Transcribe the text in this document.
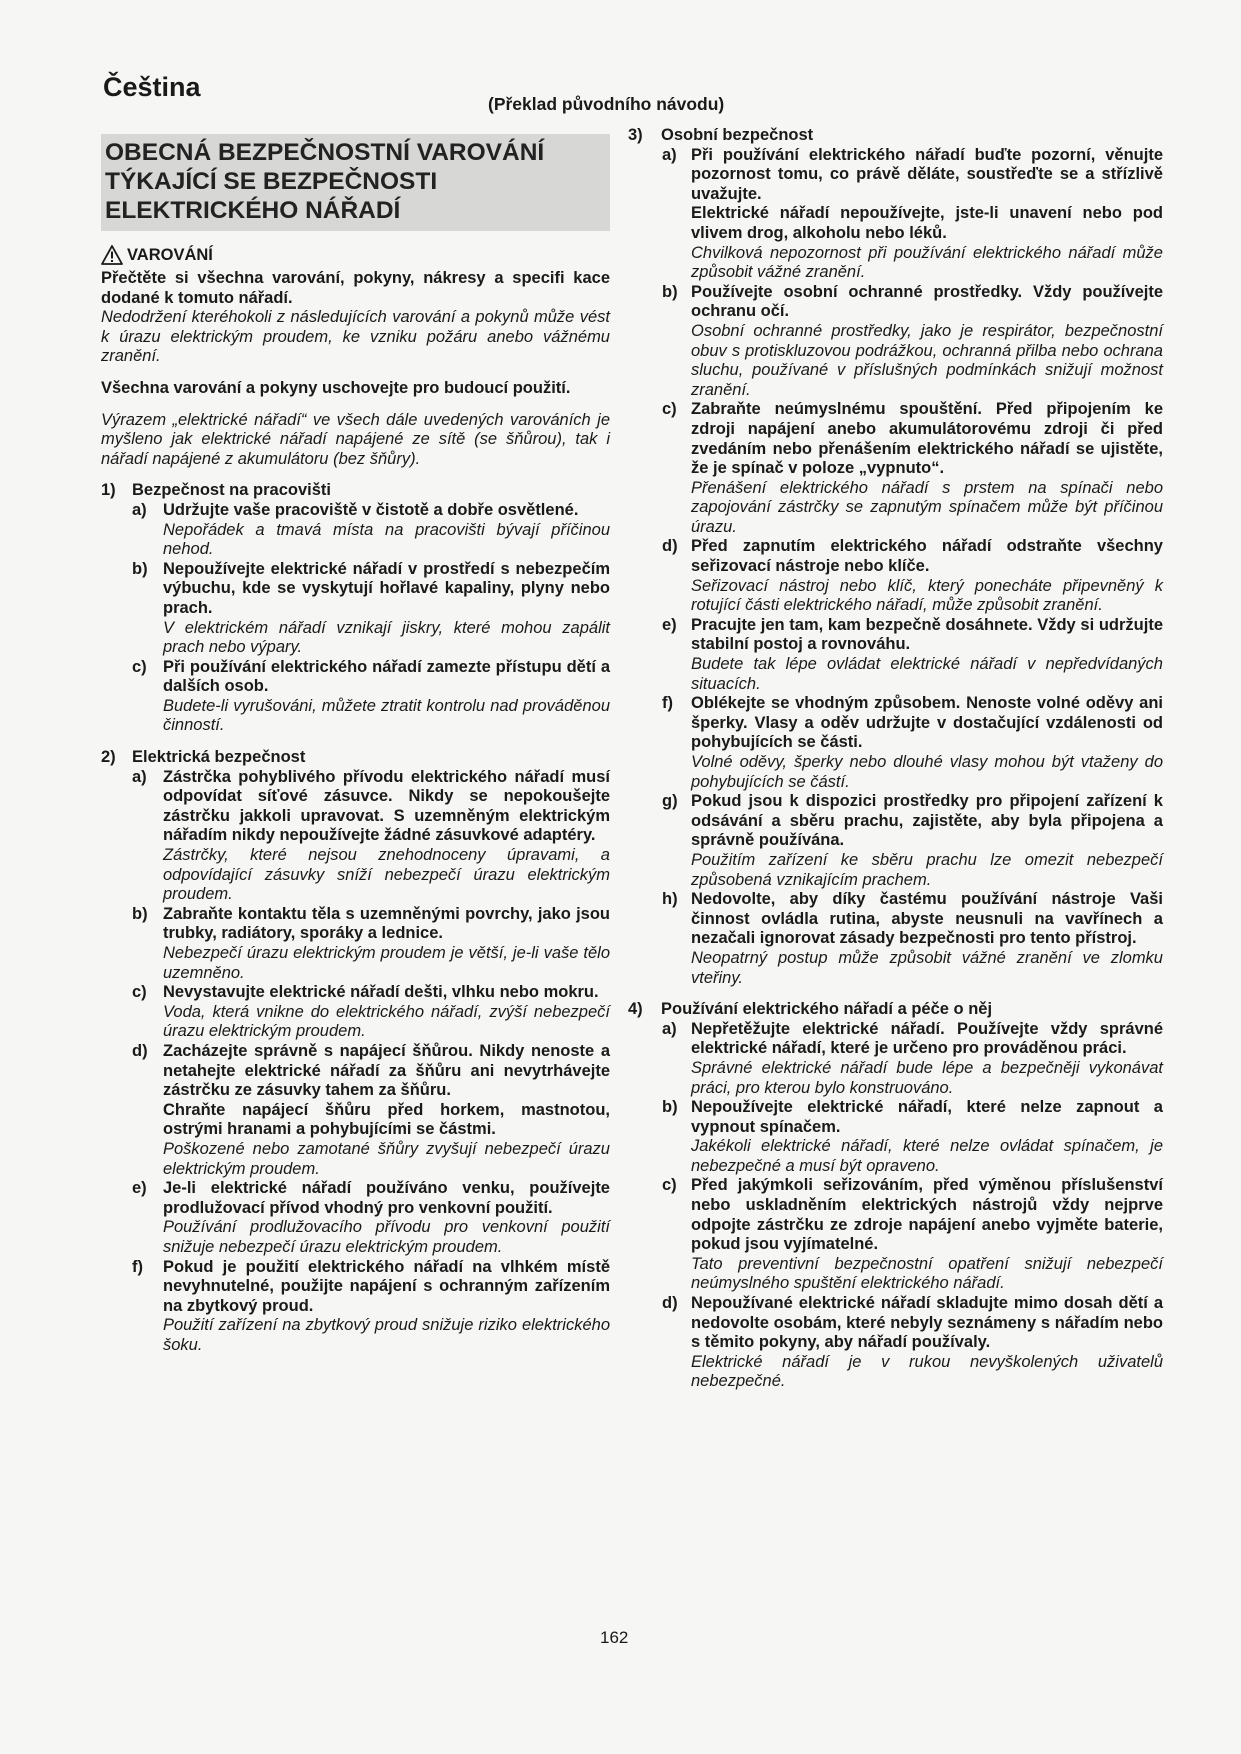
Čeština
(Překlad původního návodu)
OBECNÁ BEZPEČNOSTNÍ VAROVÁNÍ
TÝKAJÍCÍ SE BEZPEČNOSTI
ELEKTRICKÉHO NÁŘADÍ
VAROVÁNÍ

Přečtěte si všechna varování, pokyny, nákresy a specifi kace dodané k tomuto nářadí.

Nedodržení kteréhokoli z následujících varování a pokynů může vést k úrazu elektrickým proudem, ke vzniku požáru anebo vážnému zranění.

Všechna varování a pokyny uschovejte pro budoucí použití.

Výrazem „elektrické nářadí“ ve všech dále uvedených varováních je myšleno jak elektrické nářadí napájené ze sítě (se šňůrou), tak i nářadí napájené z akumulátoru (bez šňůry).

1) Bezpečnost na pracovišti
a) Udržujte vaše pracoviště v čistotě a dobře osvětlené.

Nepořádek a tmavá místa na pracovišti bývají příčinou nehod.

b) Nepoužívejte elektrické nářadí v prostředí s nebezpečím výbuchu, kde se vyskytují hořlavé kapaliny, plyny nebo prach.

V elektrickém nářadí vznikají jiskry, které mohou zapálit prach nebo výpary.

c) Při používání elektrického nářadí zamezte přístupu dětí a dalších osob.

Budete-li vyrušováni, můžete ztratit kontrolu nad prováděnou činností.

2) Elektrická bezpečnost
a) Zástrčka pohyblivého přívodu elektrického nářadí musí odpovídat síťové zásuvce. Nikdy se nepokoušejte zástrčku jakkoli upravovat. S uzemněným elektrickým nářadím nikdy nepoužívejte žádné zásuvkové adaptéry.

Zástrčky, které nejsou znehodnoceny úpravami, a odpovídající zásuvky sníží nebezpečí úrazu elektrickým proudem.

b) Zabraňte kontaktu těla s uzemněnými povrchy, jako jsou trubky, radiátory, sporáky a lednice.

Nebezpečí úrazu elektrickým proudem je větší, je-li vaše tělo uzemněno.

c) Nevystavujte elektrické nářadí dešti, vlhku nebo mokru.

Voda, která vnikne do elektrického nářadí, zvýší nebezpečí úrazu elektrickým proudem.

d) Zacházejte správně s napájecí šňůrou. Nikdy nenoste a netahejte elektrické nářadí za šňůru ani nevytrhávejte zástrčku ze zásuvky tahem za šňůru.

Chraňte napájecí šňůru před horkem, mastnotou, ostrými hranami a pohybujícími se částmi.

Poškozené nebo zamotané šňůry zvyšují nebezpečí úrazu elektrickým proudem.

e) Je-li elektrické nářadí používáno venku, používejte prodlužovací přívod vhodný pro venkovní použití.

Používání prodlužovacího přívodu pro venkovní použití snižuje nebezpečí úrazu elektrickým proudem.

f) Pokud je použití elektrického nářadí na vlhkém místě nevyhnutelné, použijte napájení s ochranným zařízením na zbytkový proud.

Použití zařízení na zbytkový proud snižuje riziko elektrického šoku.

3) Osobní bezpečnost
a) Při používání elektrického nářadí buďte pozorní, věnujte pozornost tomu, co právě děláte, soustřeďte se a střízlivě uvažujte.

Elektrické nářadí nepoužívejte, jste-li unavení nebo pod vlivem drog, alkoholu nebo léků.

Chvilková nepozornost při používání elektrického nářadí může způsobit vážné zranění.

b) Používejte osobní ochranné prostředky. Vždy používejte ochranu očí.

Osobní ochranné prostředky, jako je respirátor, bezpečnostní obuv s protiskluzovou podrážkou, ochranná přilba nebo ochrana sluchu, používané v příslušných podmínkách snižují možnost zranění.

c) Zabraňte neúmyslnému spouštění. Před připojením ke zdroji napájení anebo akumulátorovému zdroji či před zvedáním nebo přenášením elektrického nářadí se ujistěte, že je spínač v poloze „vypnuto“.

Přenášení elektrického nářadí s prstem na spínači nebo zapojování zástrčky se zapnutým spínačem může být příčinou úrazu.

d) Před zapnutím elektrického nářadí odstraňte všechny seřizovací nástroje nebo klíče.

Seřizovací nástroj nebo klíč, který ponecháte připevněný k rotující části elektrického nářadí, může způsobit zranění.

e) Pracujte jen tam, kam bezpečně dosáhnete. Vždy si udržujte stabilní postoj a rovnováhu.

Budete tak lépe ovládat elektrické nářadí v nepředvídaných situacích.

f) Oblékejte se vhodným způsobem. Nenoste volné oděvy ani šperky. Vlasy a oděv udržujte v dostačující vzdálenosti od pohybujících se části.

Volné oděvy, šperky nebo dlouhé vlasy mohou být vtaženy do pohybujících se částí.

g) Pokud jsou k dispozici prostředky pro připojení zařízení k odsávání a sběru prachu, zajistěte, aby byla připojena a správně používána.

Použitím zařízení ke sběru prachu lze omezit nebezpečí způsobená vznikajícím prachem.

h) Nedovolte, aby díky častému používání nástroje Vaši činnost ovládla rutina, abyste neusnuli na vavřínech a nezačali ignorovat zásady bezpečnosti pro tento přístroj.

Neopatrný postup může způsobit vážné zranění ve zlomku vteřiny.

4) Používání elektrického nářadí a péče o něj
a) Nepřetěžujte elektrické nářadí. Používejte vždy správné elektrické nářadí, které je určeno pro prováděnou práci.

Správné elektrické nářadí bude lépe a bezpečněji vykonávat práci, pro kterou bylo konstruováno.

b) Nepoužívejte elektrické nářadí, které nelze zapnout a vypnout spínačem.

Jakékoli elektrické nářadí, které nelze ovládat spínačem, je nebezpečné a musí být opraveno.

c) Před jakýmkoli seřizováním, před výměnou příslušenství nebo uskladněním elektrických nástrojů vždy nejprve odpojte zástrčku ze zdroje napájení anebo vyjměte baterie, pokud jsou vyjímatelné.

Tato preventivní bezpečnostní opatření snižují nebezpečí neúmyslného spuštění elektrického nářadí.

d) Nepoužívané elektrické nářadí skladujte mimo dosah dětí a nedovolte osobám, které nebyly seznámeny s nářadím nebo s těmito pokyny, aby nářadí používaly.

Elektrické nářadí je v rukou nevyškolených uživatelů nebezpečné.

162
